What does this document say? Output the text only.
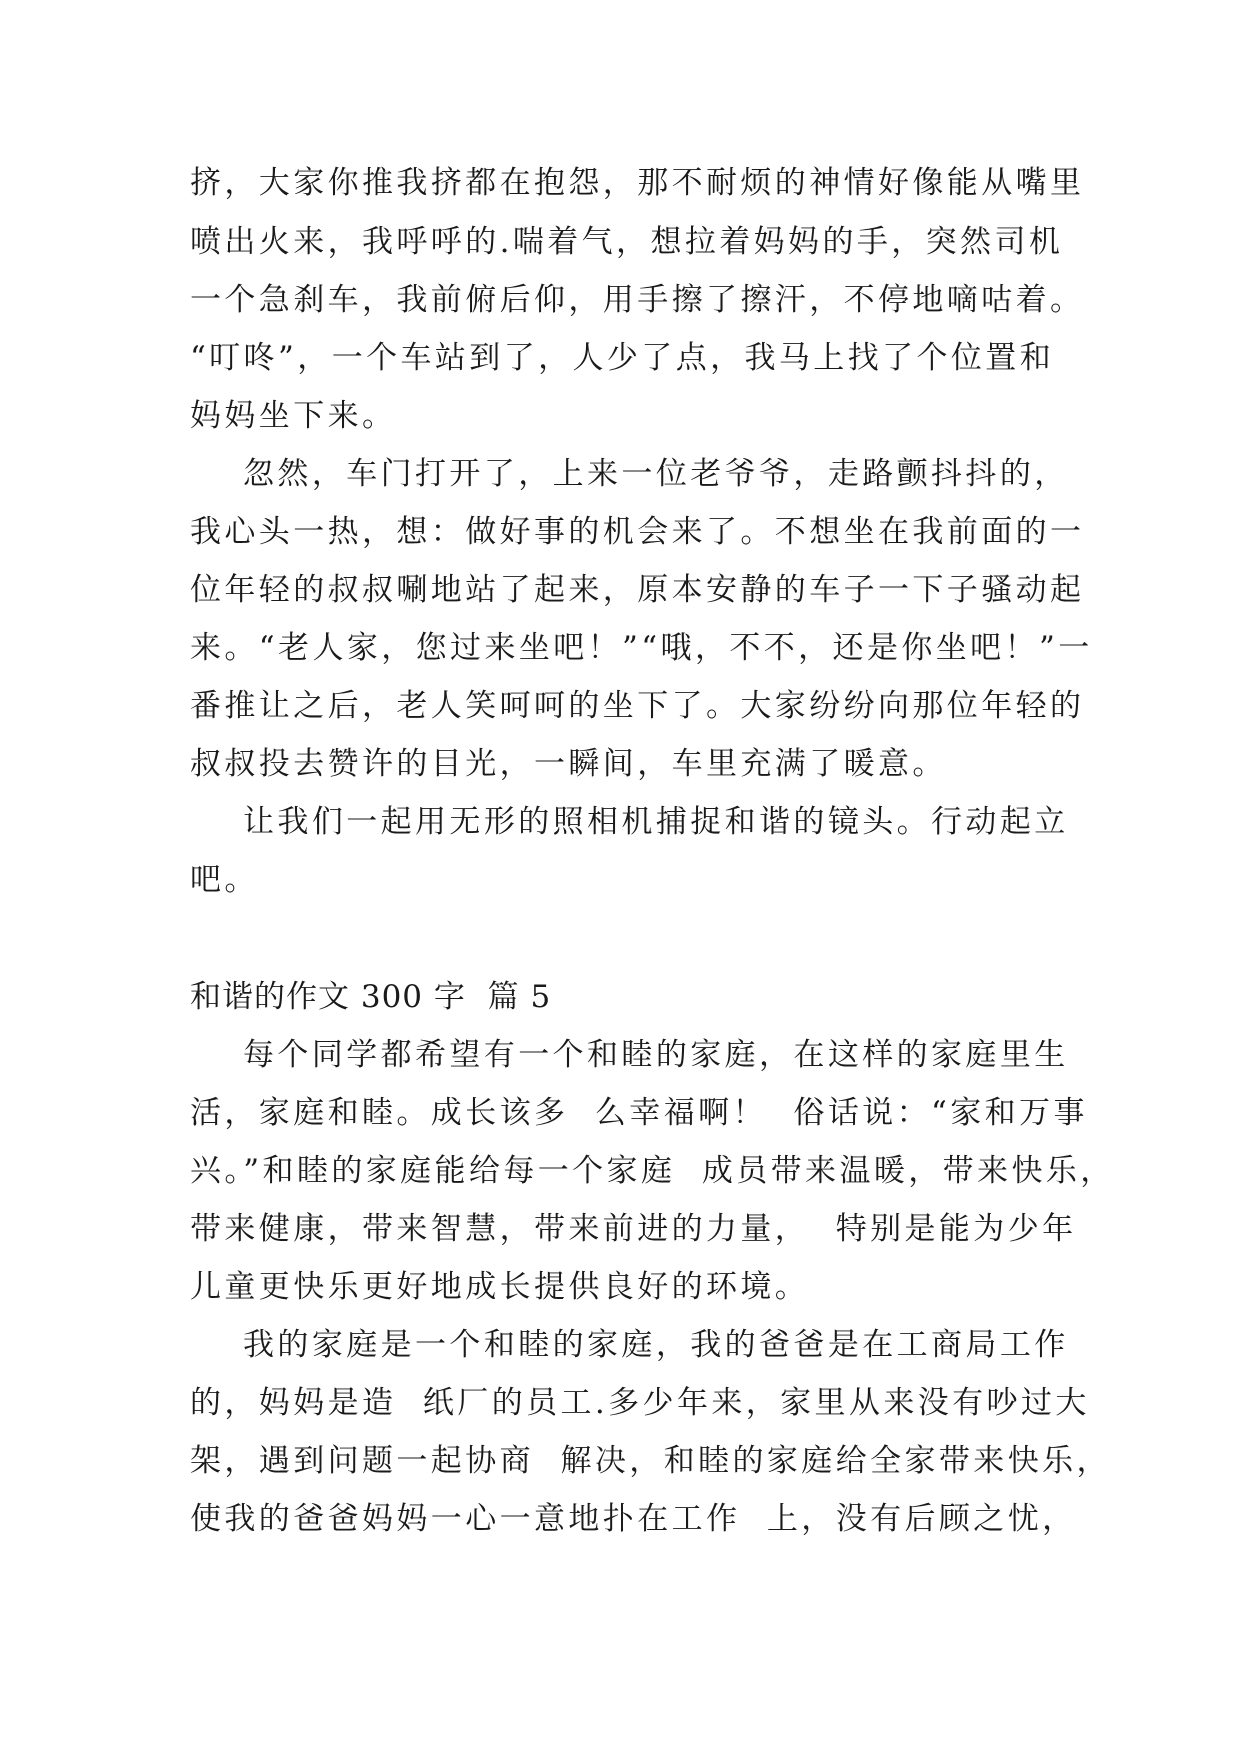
挤，大家你推我挤都在抱怨，那不耐烦的神情好像能从嘴里
喷出火来，我呼呼的.喘着气，想拉着妈妈的手，突然司机
一个急刹车，我前俯后仰，用手擦了擦汗，不停地嘀咕着。
“叮咚”，一个车站到了，人少了点，我马上找了个位置和
妈妈坐下来。
忽然，车门打开了，上来一位老爷爷，走路颤抖抖的，
我心头一热，想：做好事的机会来了。不想坐在我前面的一
位年轻的叔叔唰地站了起来，原本安静的车子一下子骚动起
来。“老人家，您过来坐吧！”“哦，不不，还是你坐吧！”一
番推让之后，老人笑呵呵的坐下了。大家纷纷向那位年轻的
叔叔投去赞许的目光，一瞬间，车里充满了暖意。
让我们一起用无形的照相机捕捉和谐的镜头。行动起立
吧。
和谐的作文 300 字  篇 5
每个同学都希望有一个和睦的家庭，在这样的家庭里生
活，家庭和睦。成长该多  么幸福啊！  俗话说：“家和万事
兴。”和睦的家庭能给每一个家庭  成员带来温暖，带来快乐，
带来健康，带来智慧，带来前进的力量，  特别是能为少年
儿童更快乐更好地成长提供良好的环境。
我的家庭是一个和睦的家庭，我的爸爸是在工商局工作
的，妈妈是造  纸厂的员工.多少年来，家里从来没有吵过大
架，遇到问题一起协商  解决，和睦的家庭给全家带来快乐，
使我的爸爸妈妈一心一意地扑在工作  上，没有后顾之忧，
